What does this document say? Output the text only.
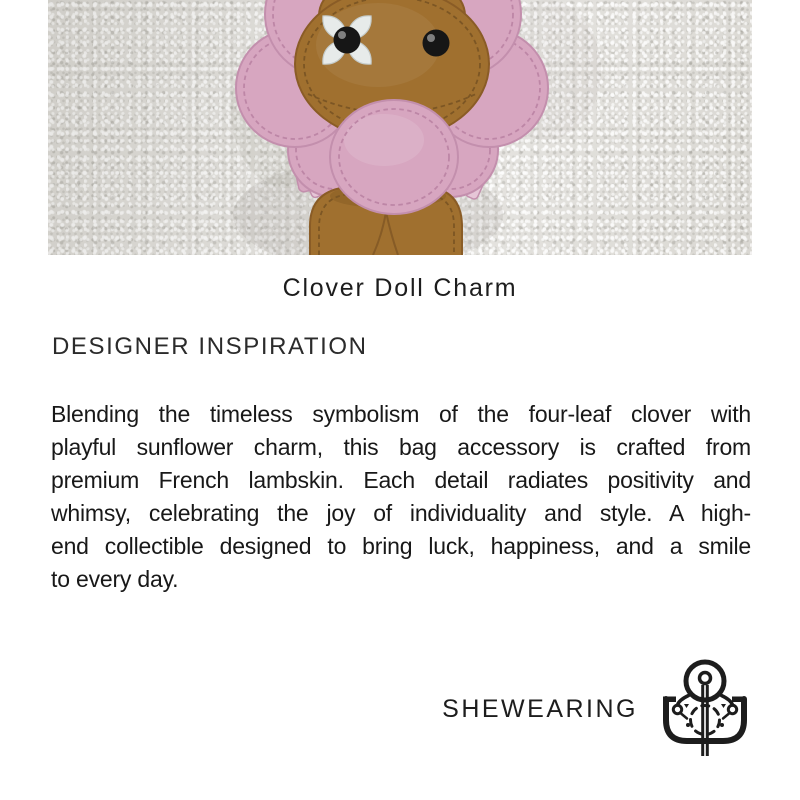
Clover Doll Charm
DESIGNER INSPIRATION
Blending the timeless symbolism of the four-leaf clover with
playful sunflower charm, this bag accessory is crafted from
premium French lambskin. Each detail radiates positivity and
whimsy, celebrating the joy of individuality and style. A high-
end collectible designed to bring luck, happiness, and a smile
to every day.
SHEWEARING
